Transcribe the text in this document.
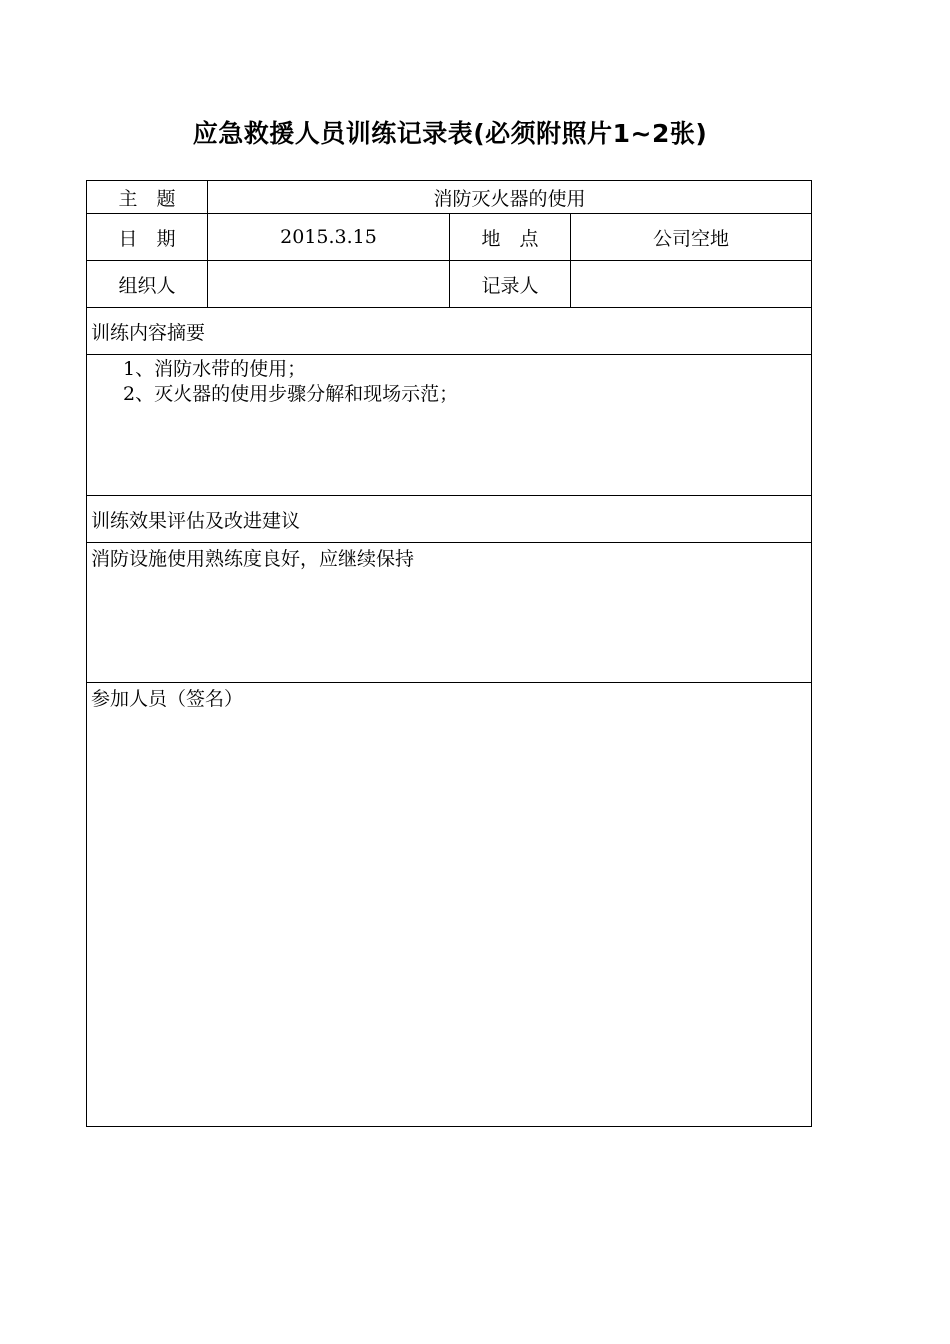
应急救援人员训练记录表(必须附照片1~2张)
主　题	消防灭火器的使用		
日　期	2015.3.15	地　点	公司空地
组织人		记录人	
训练内容摘要			

1、消防水带的使用；
2、灭火器的使用步骤分解和现场示范；			

训练效果评估及改进建议			

消防设施使用熟练度良好，应继续保持			

参加人员（签名）			
